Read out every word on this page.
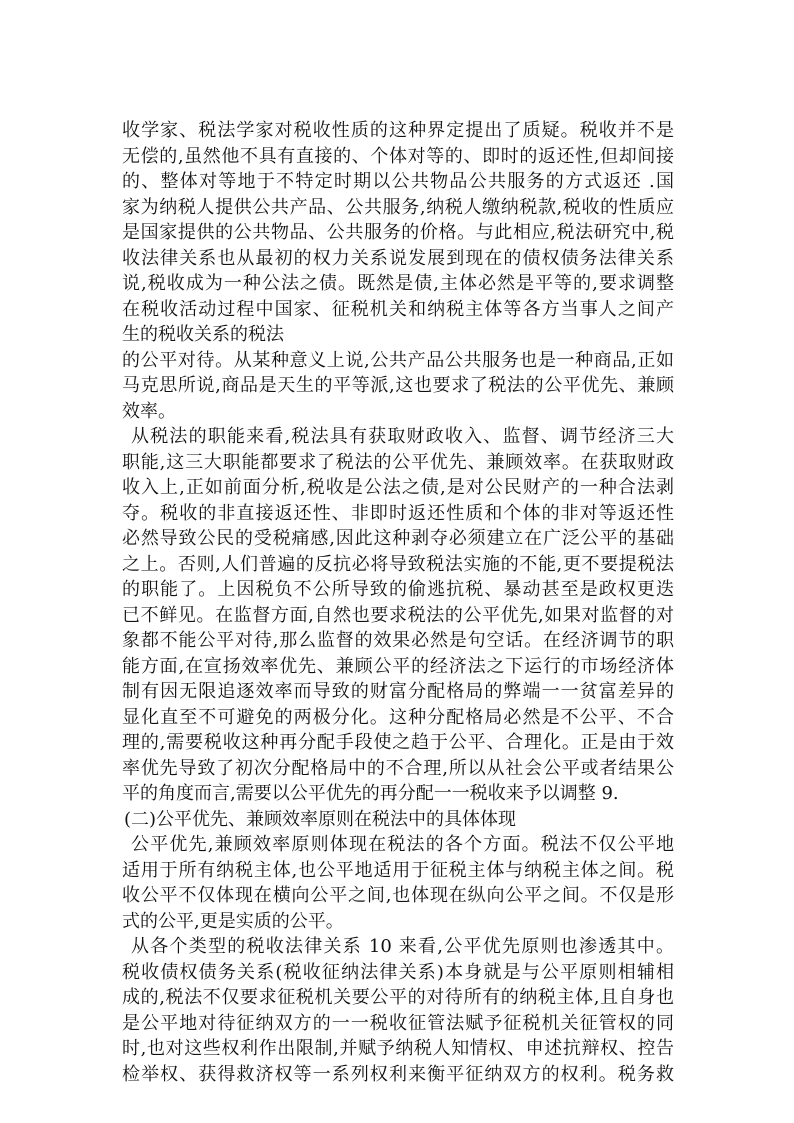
收学家、税法学家对税收性质的这种界定提出了质疑。税收并不是
无偿的,虽然他不具有直接的、个体对等的、即时的返还性,但却间接
的、整体对等地于不特定时期以公共物品公共服务的方式返还 .国
家为纳税人提供公共产品、公共服务,纳税人缴纳税款,税收的性质应
是国家提供的公共物品、公共服务的价格。与此相应,税法研究中,税
收法律关系也从最初的权力关系说发展到现在的债权债务法律关系
说,税收成为一种公法之债。既然是债,主体必然是平等的,要求调整
在税收活动过程中国家、征税机关和纳税主体等各方当事人之间产
生的税收关系的税法
的公平对待。从某种意义上说,公共产品公共服务也是一种商品,正如
马克思所说,商品是天生的平等派,这也要求了税法的公平优先、兼顾
效率。
从税法的职能来看,税法具有获取财政收入、监督、调节经济三大
职能,这三大职能都要求了税法的公平优先、兼顾效率。在获取财政
收入上,正如前面分析,税收是公法之债,是对公民财产的一种合法剥
夺。税收的非直接返还性、非即时返还性质和个体的非对等返还性
必然导致公民的受税痛感,因此这种剥夺必须建立在广泛公平的基础
之上。否则,人们普遍的反抗必将导致税法实施的不能,更不要提税法
的职能了。上因税负不公所导致的偷逃抗税、暴动甚至是政权更迭
已不鲜见。在监督方面,自然也要求税法的公平优先,如果对监督的对
象都不能公平对待,那么监督的效果必然是句空话。在经济调节的职
能方面,在宣扬效率优先、兼顾公平的经济法之下运行的市场经济体
制有因无限追逐效率而导致的财富分配格局的弊端一一贫富差异的
显化直至不可避免的两极分化。这种分配格局必然是不公平、不合
理的,需要税收这种再分配手段使之趋于公平、合理化。正是由于效
率优先导致了初次分配格局中的不合理,所以从社会公平或者结果公
平的角度而言,需要以公平优先的再分配一一税收来予以调整 9.
(二)公平优先、兼顾效率原则在税法中的具体体现
公平优先,兼顾效率原则体现在税法的各个方面。税法不仅公平地
适用于所有纳税主体,也公平地适用于征税主体与纳税主体之间。税
收公平不仅体现在横向公平之间,也体现在纵向公平之间。不仅是形
式的公平,更是实质的公平。
从各个类型的税收法律关系 10 来看,公平优先原则也渗透其中。
税收债权债务关系(税收征纳法律关系)本身就是与公平原则相辅相
成的,税法不仅要求征税机关要公平的对待所有的纳税主体,且自身也
是公平地对待征纳双方的一一税收征管法赋予征税机关征管权的同
时,也对这些权利作出限制,并赋予纳税人知情权、申述抗辩权、控告
检举权、获得救济权等一系列权利来衡平征纳双方的权利。税务救
